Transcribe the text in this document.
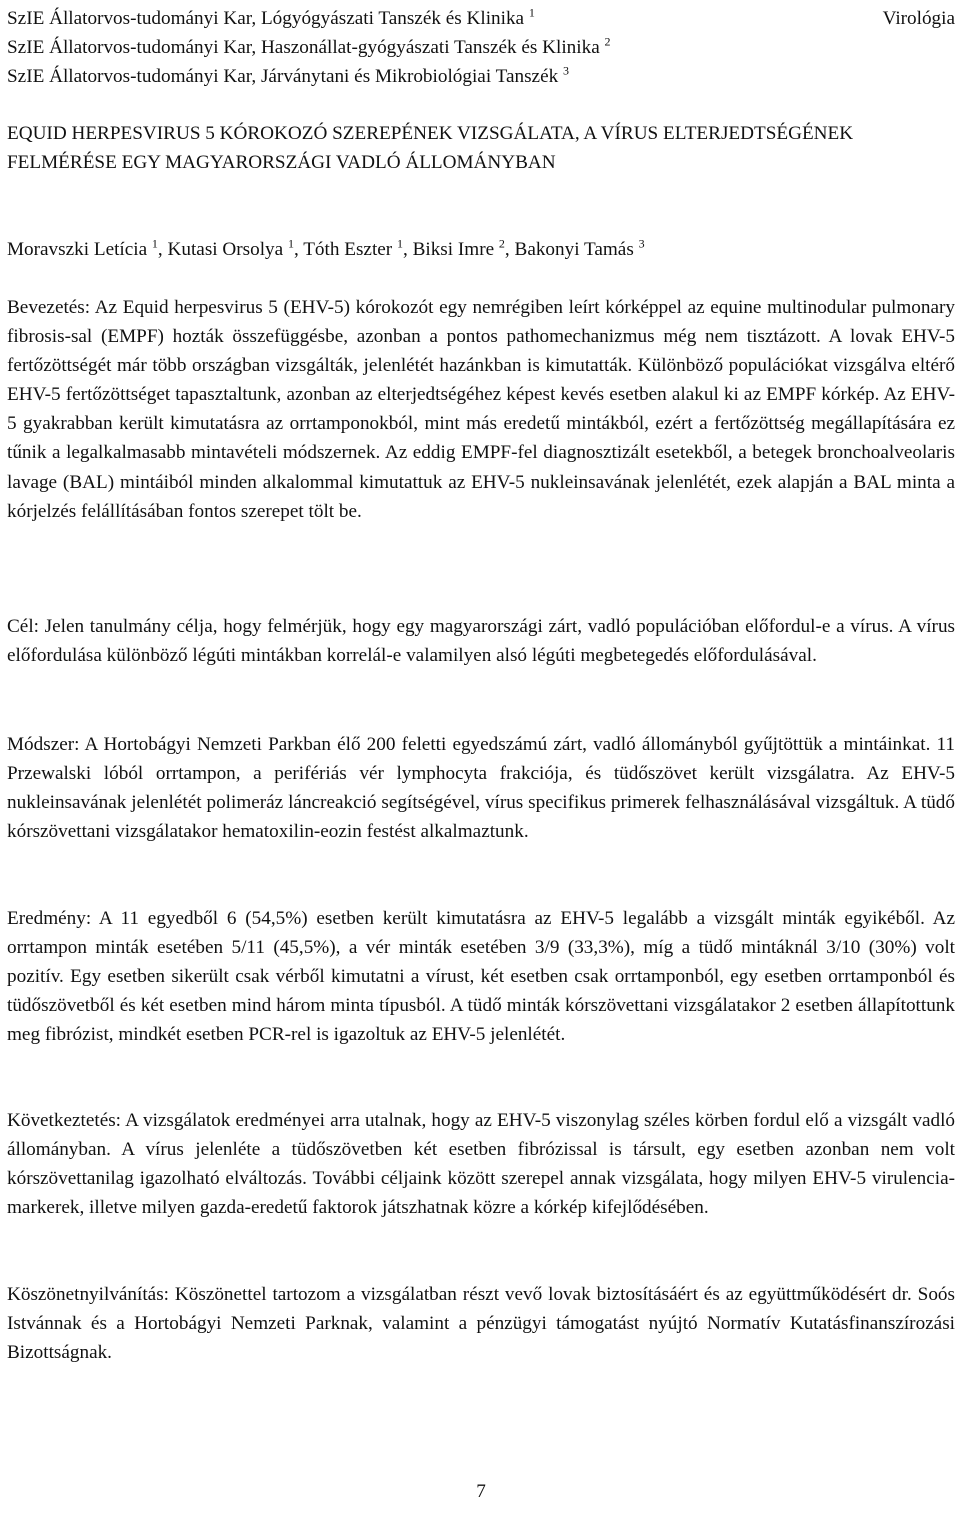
SzIE Állatorvos-tudományi Kar, Lógyógyászati Tanszék és Klinika $^1$
SzIE Állatorvos-tudományi Kar, Haszonállat-gyógyászati Tanszék és Klinika $^2$
SzIE Állatorvos-tudományi Kar, Járványtani és Mikrobiológiai Tanszék $^3$
Virológia
EQUID HERPESVIRUS 5 KÓROKOZÓ SZEREPÉNEK VIZSGÁLATA, A VÍRUS ELTERJEDTSÉGÉNEK FELMÉRÉSE EGY MAGYARORSZÁGI VADLÓ ÁLLOMÁNYBAN
Moravszki Letícia $^1$, Kutasi Orsolya $^1$, Tóth Eszter $^1$, Biksi Imre $^2$, Bakonyi Tamás $^3$

Bevezetés: Az Equid herpesvirus 5 (EHV-5) kórokozót egy nemrégiben leírt kórképpel az equine multinodular pulmonary fibrosis-sal (EMPF) hozták összefüggésbe, azonban a pontos pathomechanizmus még nem tisztázott. A lovak EHV-5 fertőzöttségét már több országban vizsgálták, jelenlétét hazánkban is kimutatták. Különböző populációkat vizsgálva eltérő EHV-5 fertőzöttséget tapasztaltunk, azonban az elterjedtségéhez képest kevés esetben alakul ki az EMPF kórkép. Az EHV-5 gyakrabban került kimutatásra az orrtamponokból, mint más eredetű mintákból, ezért a fertőzöttség megállapítására ez tűnik a legalkalmasabb mintavételi módszernek. Az eddig EMPF-fel diagnosztizált esetekből, a betegek bronchoalveolaris lavage (BAL) mintáiból minden alkalommal kimutattuk az EHV-5 nukleinsavának jelenlétét, ezek alapján a BAL minta a kórjelzés felállításában fontos szerepet tölt be.

Cél: Jelen tanulmány célja, hogy felmérjük, hogy egy magyarországi zárt, vadló populációban előfordul-e a vírus. A vírus előfordulása különböző légúti mintákban korrelál-e valamilyen alsó légúti megbetegedés előfordulásával.

Módszer: A Hortobágyi Nemzeti Parkban élő 200 feletti egyedszámú zárt, vadló állományból gyűjtöttük a mintáinkat. 11 Przewalski lóból orrtampon, a perifériás vér lymphocyta frakciója, és tüdőszövet került vizsgálatra. Az EHV-5 nukleinsavának jelenlétét polimeráz láncreakció segítségével, vírus specifikus primerek felhasználásával vizsgáltuk. A tüdő kórszövettani vizsgálatakor hematoxilin-eozin festést alkalmaztunk.

Eredmény: A 11 egyedből 6 (54,5%) esetben került kimutatásra az EHV-5 legalább a vizsgált minták egyikéből. Az orrtampon minták esetében 5/11 (45,5%), a vér minták esetében 3/9 (33,3%), míg a tüdő mintáknál 3/10 (30%) volt pozitív. Egy esetben sikerült csak vérből kimutatni a vírust, két esetben csak orrtamponból, egy esetben orrtamponból és tüdőszövetből és két esetben mind három minta típusból. A tüdő minták kórszövettani vizsgálatakor 2 esetben állapítottunk meg fibrózist, mindkét esetben PCR-rel is igazoltuk az EHV-5 jelenlétét.

Következtetés: A vizsgálatok eredményei arra utalnak, hogy az EHV-5 viszonylag széles körben fordul elő a vizsgált vadló állományban. A vírus jelenléte a tüdőszövetben két esetben fibrózissal is társult, egy esetben azonban nem volt kórszövettanilag igazolható elváltozás. További céljaink között szerepel annak vizsgálata, hogy milyen EHV-5 virulencia-markerek, illetve milyen gazda-eredetű faktorok játszhatnak közre a kórkép kifejlődésében.

Köszönetnyilvánítás: Köszönettel tartozom a vizsgálatban részt vevő lovak biztosításáért és az együttműködésért dr. Soós Istvánnak és a Hortobágyi Nemzeti Parknak, valamint a pénzügyi támogatást nyújtó Normatív Kutatásfinanszírozási Bizottságnak.

7
